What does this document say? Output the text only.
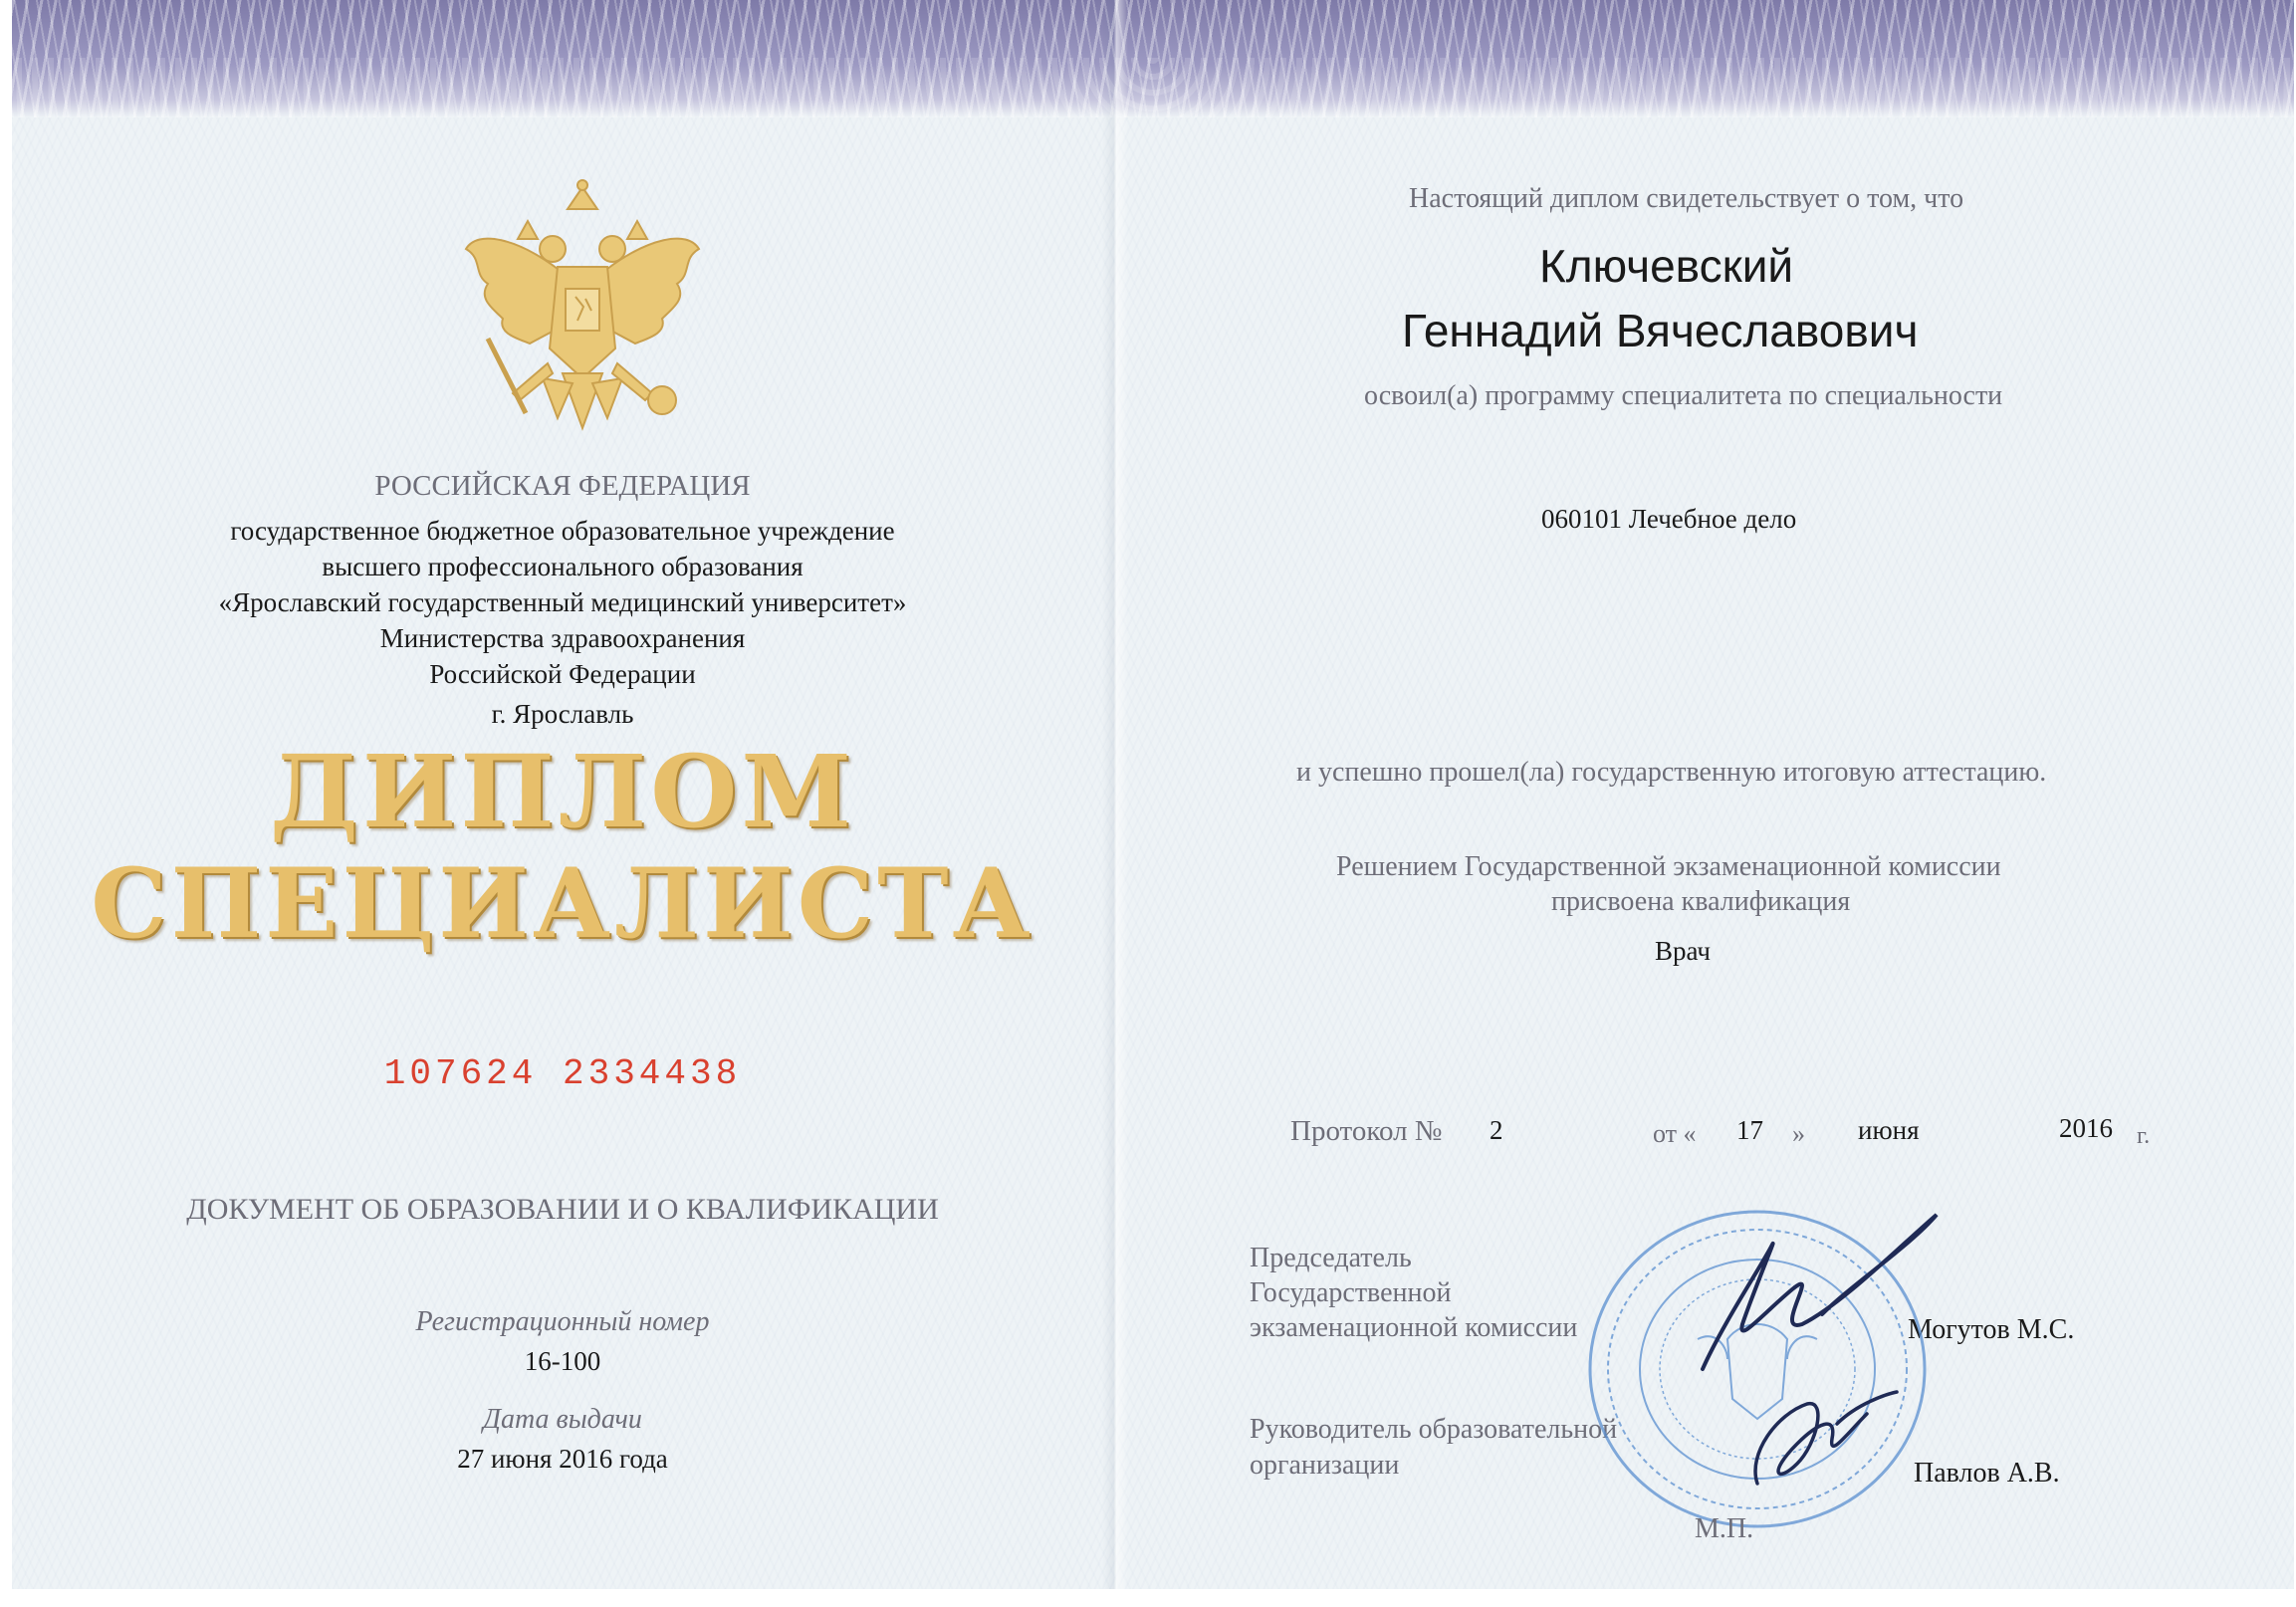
РОССИЙСКАЯ ФЕДЕРАЦИЯ
государственное бюджетное образовательное учреждение
высшего профессионального образования
«Ярославский государственный медицинский университет»
Министерства здравоохранения
Российской Федерации
г. Ярославль
ДИПЛОМ
СПЕЦИАЛИСТА
107624 2334438
ДОКУМЕНТ ОБ ОБРАЗОВАНИИ И О КВАЛИФИКАЦИИ
Регистрационный номер
16-100
Дата выдачи
27 июня 2016 года
Настоящий диплом свидетельствует о том, что
Ключевский
Геннадий Вячеславович
освоил(а) программу специалитета по специальности
060101 Лечебное дело
и успешно прошел(ла) государственную итоговую аттестацию.
Решением Государственной экзаменационной комиссии
присвоена квалификация
Врач
Протокол № 2	от « 17 » июня	2016 г.
Председатель
Государственной
экзаменационной комиссии	Могутов М.С.
Руководитель образовательной
организации	Павлов А.В.
М.П.
